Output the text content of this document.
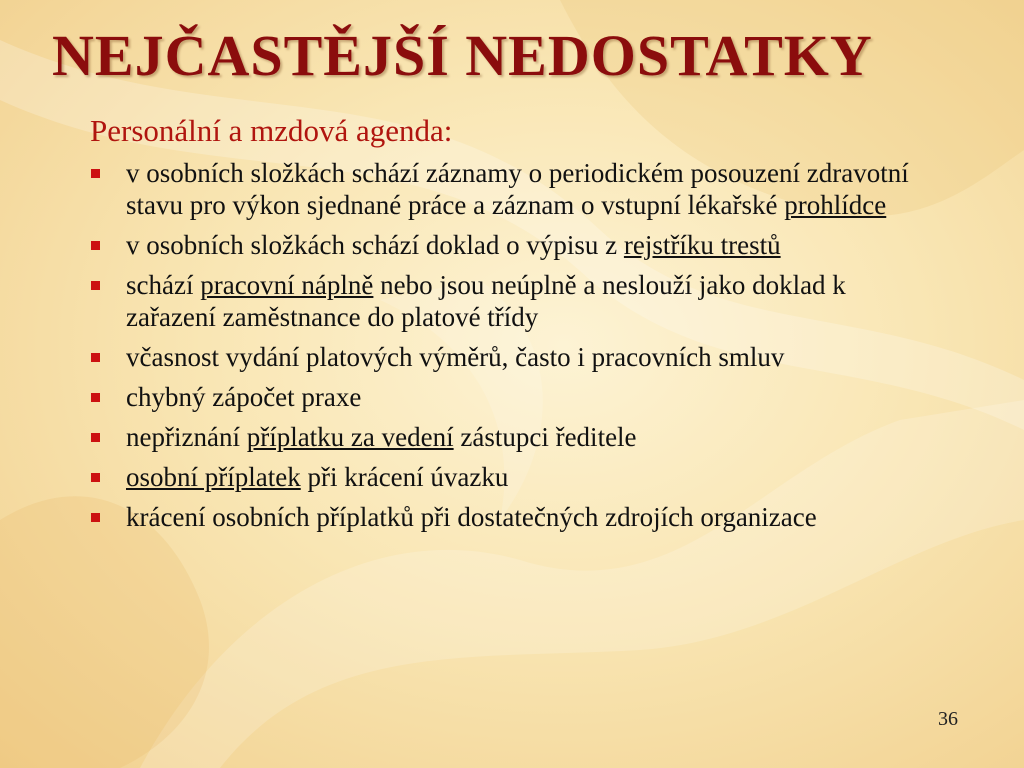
NEJČASTĚJŠÍ NEDOSTATKY
Personální a mzdová agenda:
v osobních složkách schází záznamy o periodickém posouzení zdravotní stavu pro výkon sjednané práce a záznam o vstupní lékařské prohlídce
v osobních složkách schází doklad o výpisu z rejstříku trestů
schází pracovní náplně nebo jsou neúplně a neslouží jako doklad k zařazení zaměstnance do platové třídy
včasnost vydání platových výměrů, často i pracovních smluv
chybný zápočet praxe
nepřiznání příplatku za vedení zástupci ředitele
osobní příplatek při krácení úvazku
krácení osobních příplatků při dostatečných zdrojích organizace
36
